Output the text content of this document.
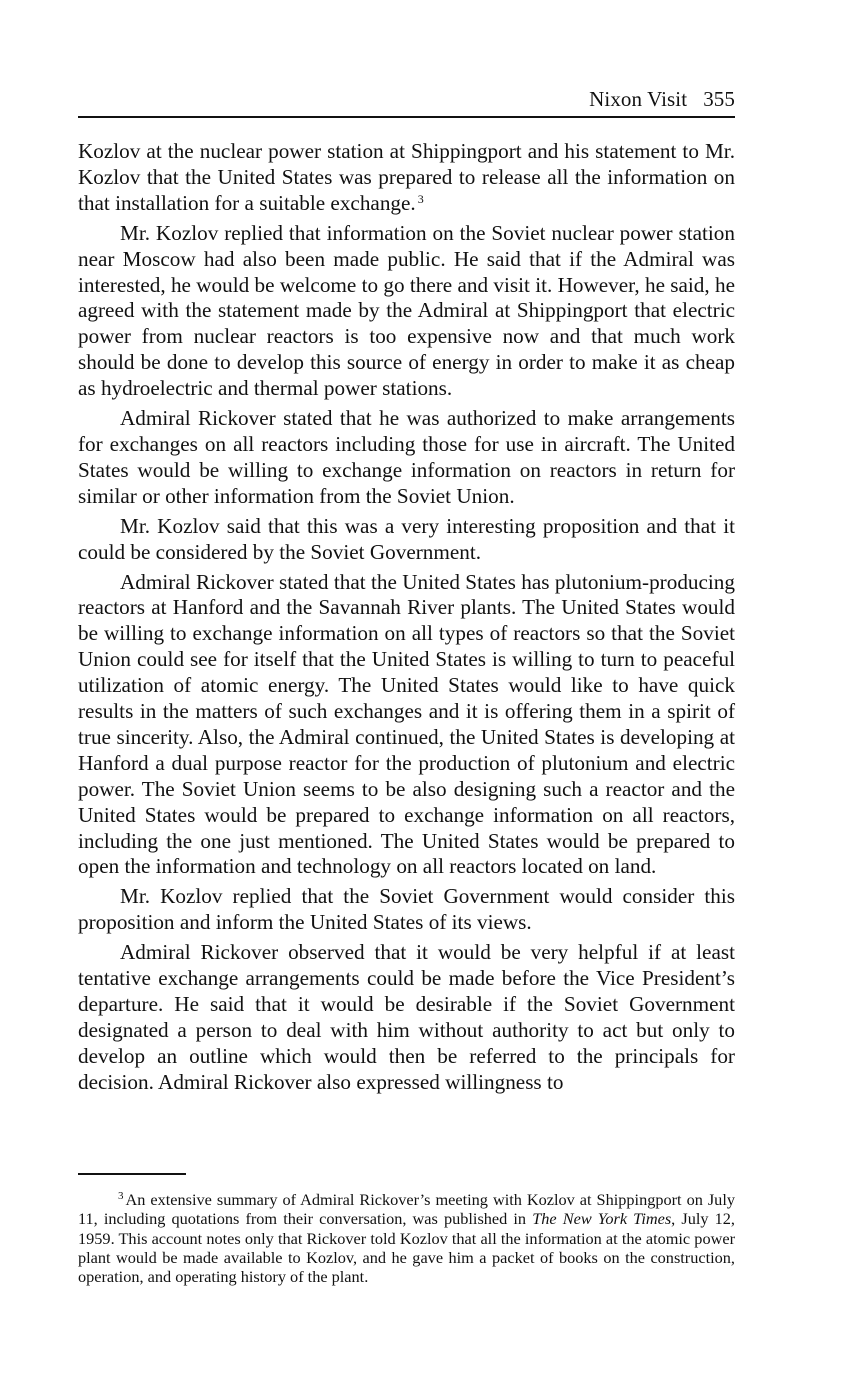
Nixon Visit 355

Kozlov at the nuclear power station at Shippingport and his statement to Mr. Kozlov that the United States was prepared to release all the information on that installation for a suitable exchange. $^3$

Mr. Kozlov replied that information on the Soviet nuclear power station near Moscow had also been made public. He said that if the Admiral was interested, he would be welcome to go there and visit it. However, he said, he agreed with the statement made by the Admiral at Shippingport that electric power from nuclear reactors is too expensive now and that much work should be done to develop this source of energy in order to make it as cheap as hydroelectric and thermal power stations.

Admiral Rickover stated that he was authorized to make arrangements for exchanges on all reactors including those for use in aircraft. The United States would be willing to exchange information on reactors in return for similar or other information from the Soviet Union.

Mr. Kozlov said that this was a very interesting proposition and that it could be considered by the Soviet Government.

Admiral Rickover stated that the United States has plutonium-producing reactors at Hanford and the Savannah River plants. The United States would be willing to exchange information on all types of reactors so that the Soviet Union could see for itself that the United States is willing to turn to peaceful utilization of atomic energy. The United States would like to have quick results in the matters of such exchanges and it is offering them in a spirit of true sincerity. Also, the Admiral continued, the United States is developing at Hanford a dual purpose reactor for the production of plutonium and electric power. The Soviet Union seems to be also designing such a reactor and the United States would be prepared to exchange information on all reactors, including the one just mentioned. The United States would be prepared to open the information and technology on all reactors located on land.

Mr. Kozlov replied that the Soviet Government would consider this proposition and inform the United States of its views.

Admiral Rickover observed that it would be very helpful if at least tentative exchange arrangements could be made before the Vice President’s departure. He said that it would be desirable if the Soviet Government designated a person to deal with him without authority to act but only to develop an outline which would then be referred to the principals for decision. Admiral Rickover also expressed willingness to

$^3$ An extensive summary of Admiral Rickover’s meeting with Kozlov at Shippingport on July 11, including quotations from their conversation, was published in The New York Times, July 12, 1959. This account notes only that Rickover told Kozlov that all the information at the atomic power plant would be made available to Kozlov, and he gave him a packet of books on the construction, operation, and operating history of the plant.
